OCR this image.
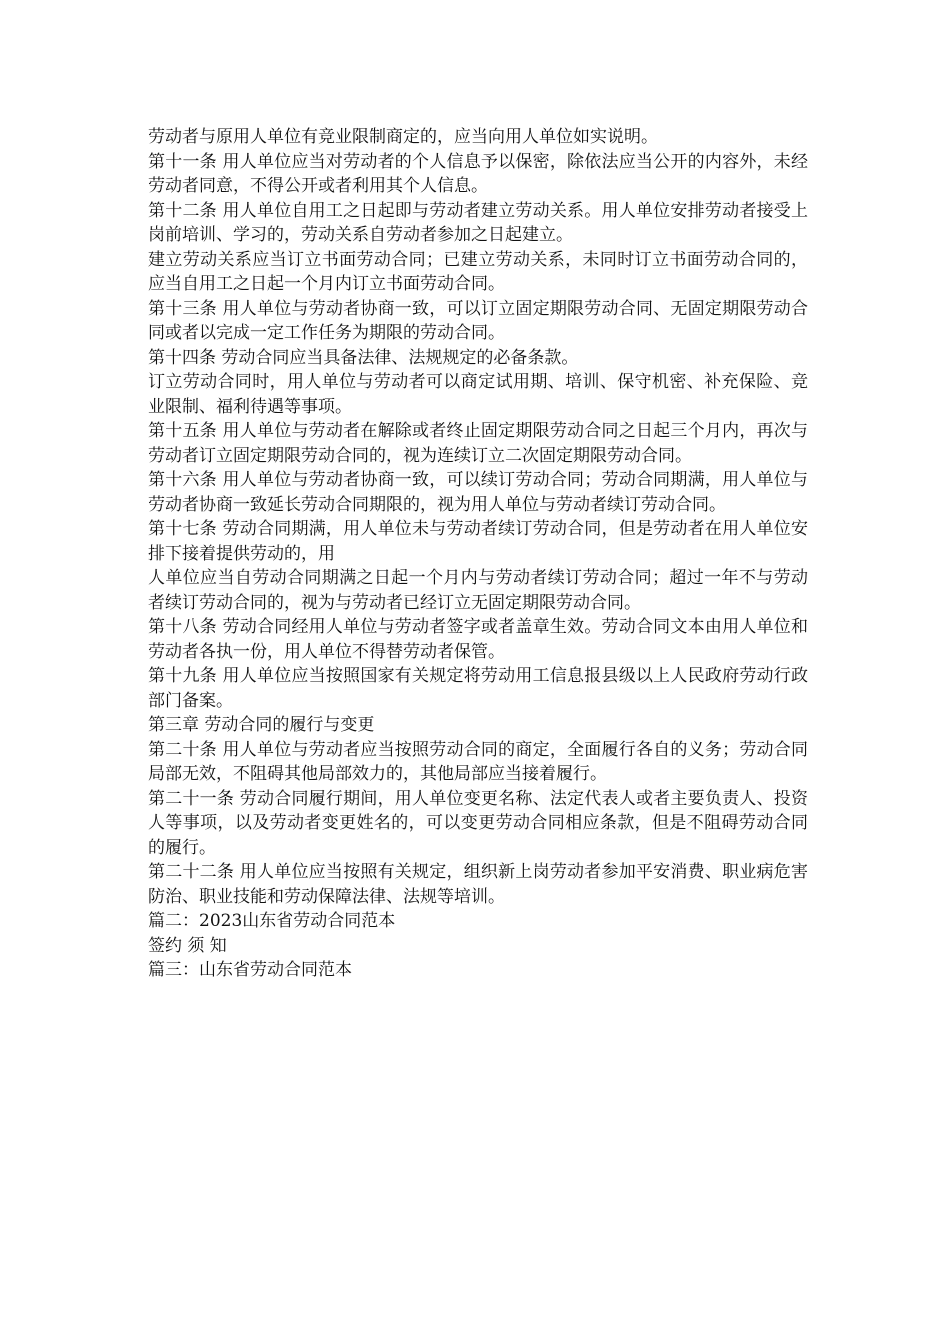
劳动者与原用人单位有竞业限制商定的，应当向用人单位如实说明。

第十一条 用人单位应当对劳动者的个人信息予以保密，除依法应当公开的内容外，未经劳动者同意，不得公开或者利用其个人信息。

第十二条 用人单位自用工之日起即与劳动者建立劳动关系。用人单位安排劳动者接受上岗前培训、学习的，劳动关系自劳动者参加之日起建立。

建立劳动关系应当订立书面劳动合同；已建立劳动关系，未同时订立书面劳动合同的，应当自用工之日起一个月内订立书面劳动合同。

第十三条 用人单位与劳动者协商一致，可以订立固定期限劳动合同、无固定期限劳动合同或者以完成一定工作任务为期限的劳动合同。

第十四条 劳动合同应当具备法律、法规规定的必备条款。

订立劳动合同时，用人单位与劳动者可以商定试用期、培训、保守机密、补充保险、竞业限制、福利待遇等事项。

第十五条 用人单位与劳动者在解除或者终止固定期限劳动合同之日起三个月内，再次与劳动者订立固定期限劳动合同的，视为连续订立二次固定期限劳动合同。

第十六条 用人单位与劳动者协商一致，可以续订劳动合同；劳动合同期满，用人单位与劳动者协商一致延长劳动合同期限的，视为用人单位与劳动者续订劳动合同。

第十七条 劳动合同期满，用人单位未与劳动者续订劳动合同，但是劳动者在用人单位安排下接着提供劳动的，用

人单位应当自劳动合同期满之日起一个月内与劳动者续订劳动合同；超过一年不与劳动者续订劳动合同的，视为与劳动者已经订立无固定期限劳动合同。

第十八条 劳动合同经用人单位与劳动者签字或者盖章生效。劳动合同文本由用人单位和劳动者各执一份，用人单位不得替劳动者保管。

第十九条 用人单位应当按照国家有关规定将劳动用工信息报县级以上人民政府劳动行政部门备案。

第三章 劳动合同的履行与变更

第二十条 用人单位与劳动者应当按照劳动合同的商定，全面履行各自的义务；劳动合同局部无效，不阻碍其他局部效力的，其他局部应当接着履行。

第二十一条 劳动合同履行期间，用人单位变更名称、法定代表人或者主要负责人、投资人等事项，以及劳动者变更姓名的，可以变更劳动合同相应条款，但是不阻碍劳动合同的履行。

第二十二条 用人单位应当按照有关规定，组织新上岗劳动者参加平安消费、职业病危害防治、职业技能和劳动保障法律、法规等培训。

篇二：2023山东省劳动合同范本

签约 须 知

篇三：山东省劳动合同范本
